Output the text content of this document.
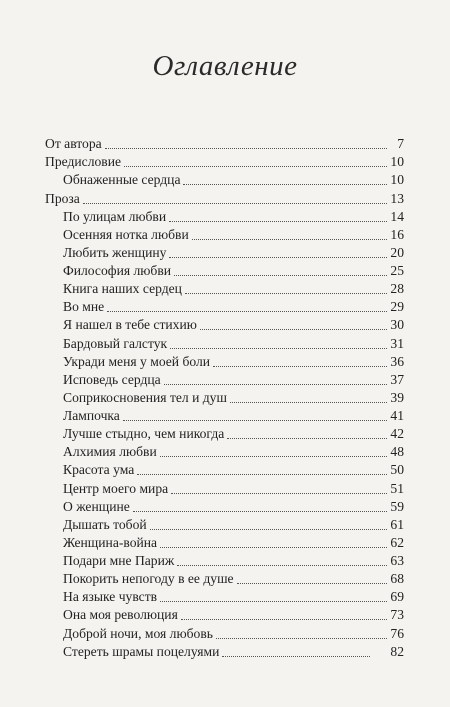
Оглавление
От автора	7
Предисловие	10
Обнаженные сердца	10
Проза	13
По улицам любви	14
Осенняя нотка любви	16
Любить женщину	20
Философия любви	25
Книга наших сердец	28
Во мне	29
Я нашел в тебе стихию	30
Бардовый галстук	31
Укради меня у моей боли	36
Исповедь сердца	37
Соприкосновения тел и душ	39
Лампочка	41
Лучше стыдно, чем никогда	42
Алхимия любви	48
Красота ума	50
Центр моего мира	51
О женщине	59
Дышать тобой	61
Женщина-война	62
Подари мне Париж	63
Покорить непогоду в ее душе	68
На языке чувств	69
Она моя революция	73
Доброй ночи, моя любовь	76
Стереть шрамы поцелуями	82
